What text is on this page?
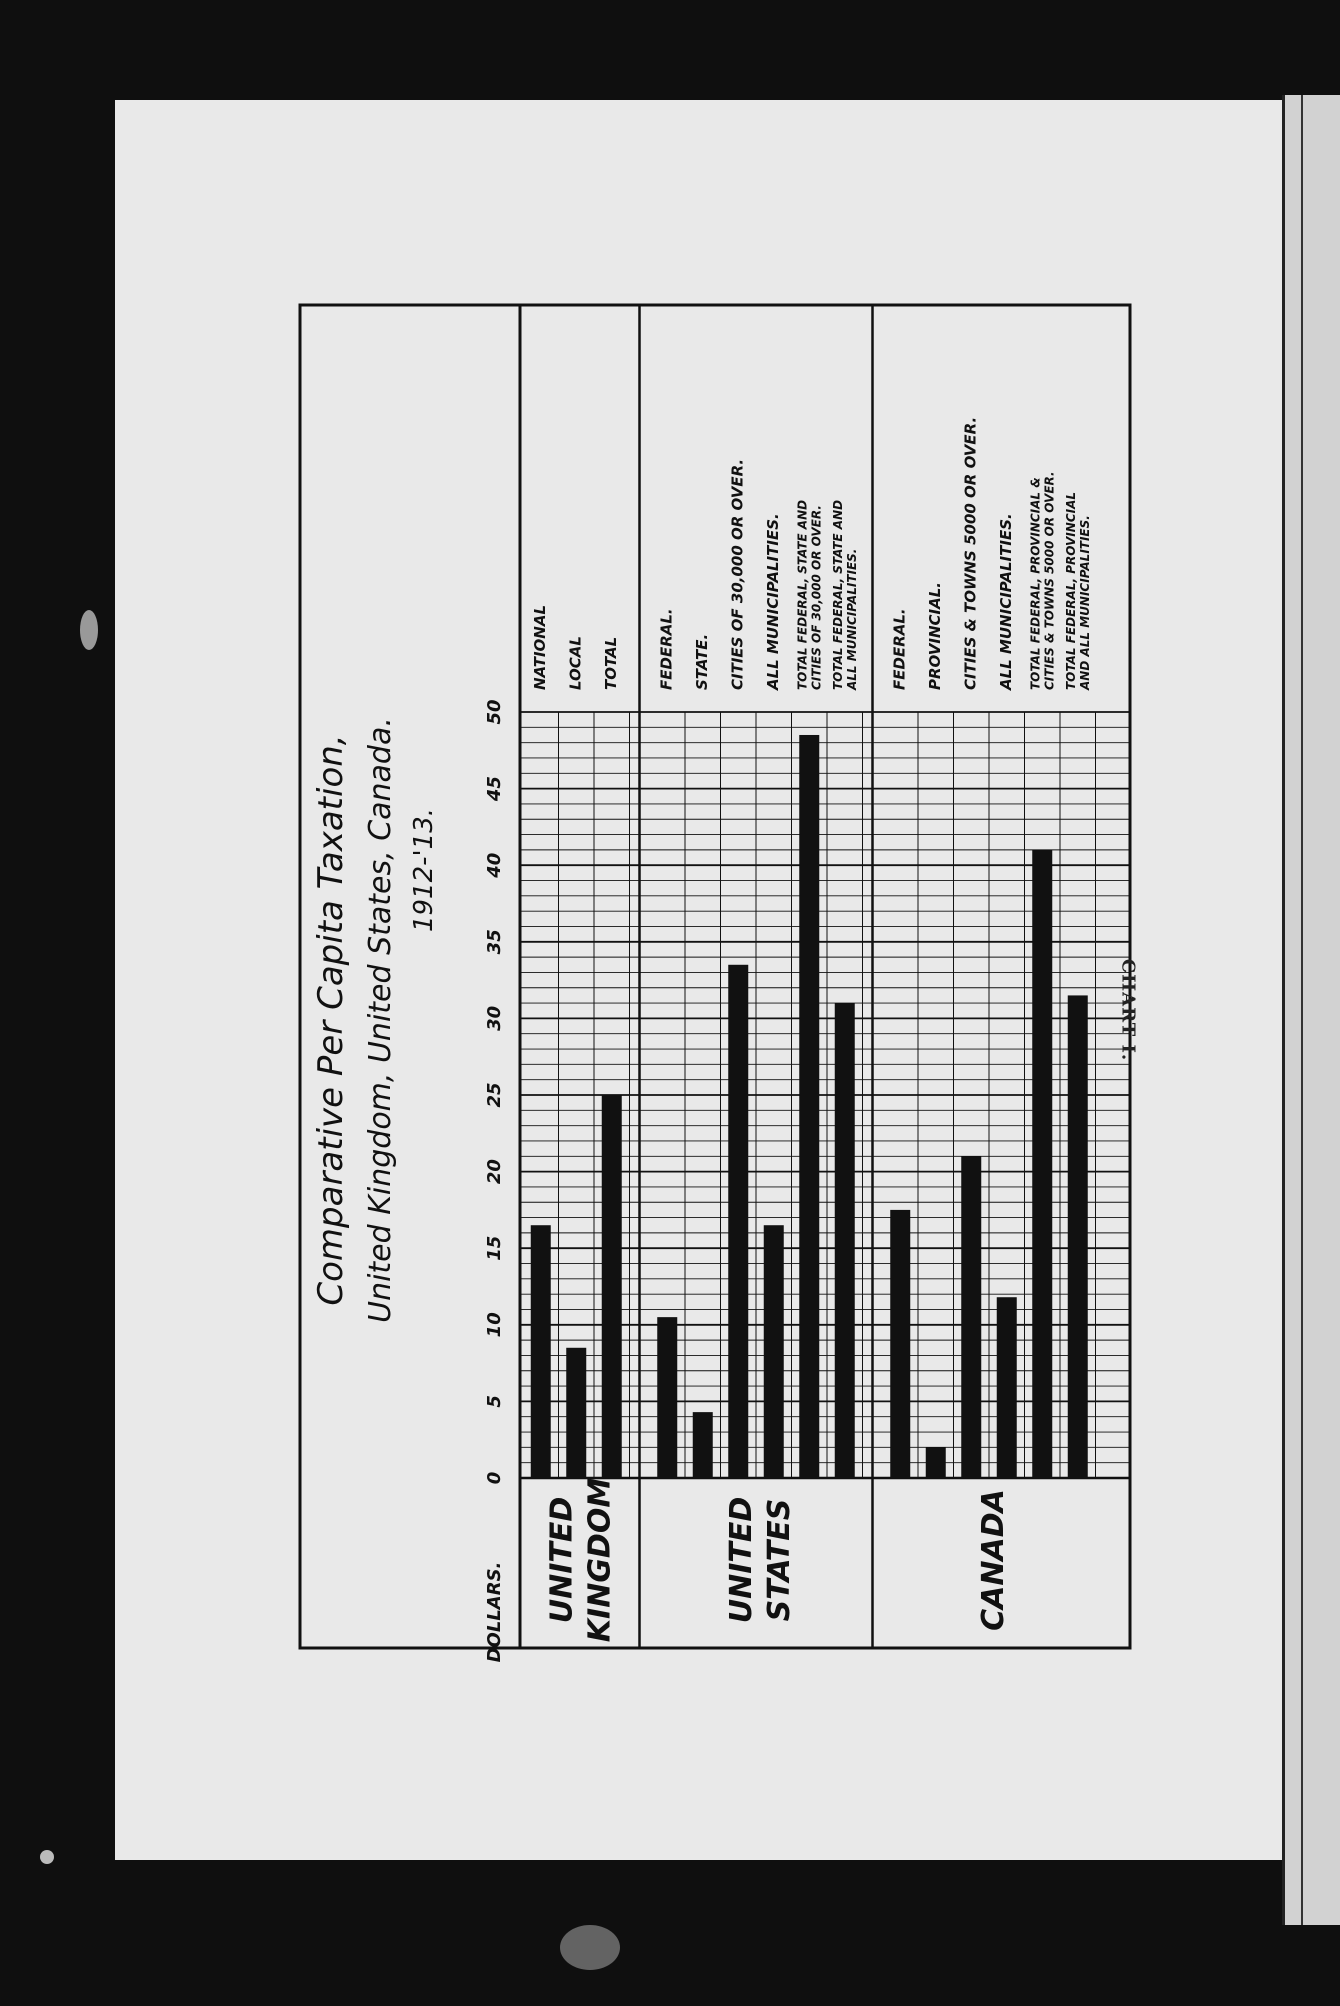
NATIONAL LOCAL TOTAL	FEDERAL. STATE. CITIES OF 30,000 OR OVER. ALL MUNICIPALITIES. TOTAL FEDERAL, STATE AND CITIES OF 30,000 OR OVER. TOTAL FEDERAL, STATE AND ALL MUNICIPALITIES. FEDERAL. PROVINCIAL. CITIES & TOWNS 5000 OR OVER. ALL MUNICIPALITIES. TOTAL FEDERAL, PROVINCIAL & CITIES & TOWNS 5000 OR OVER. TOTAL FEDERAL, PROVINCIAL AND ALL MUNICIPALITIES.
UNITED KINGDOM	UNITED STATES	CANADA
0
5
10
15
20
25
30
35
40
45
50
DOLLARS.
Comparative Per Capita Taxation, United Kingdom, United States, Canada. 1912-'13.
CHART I.
